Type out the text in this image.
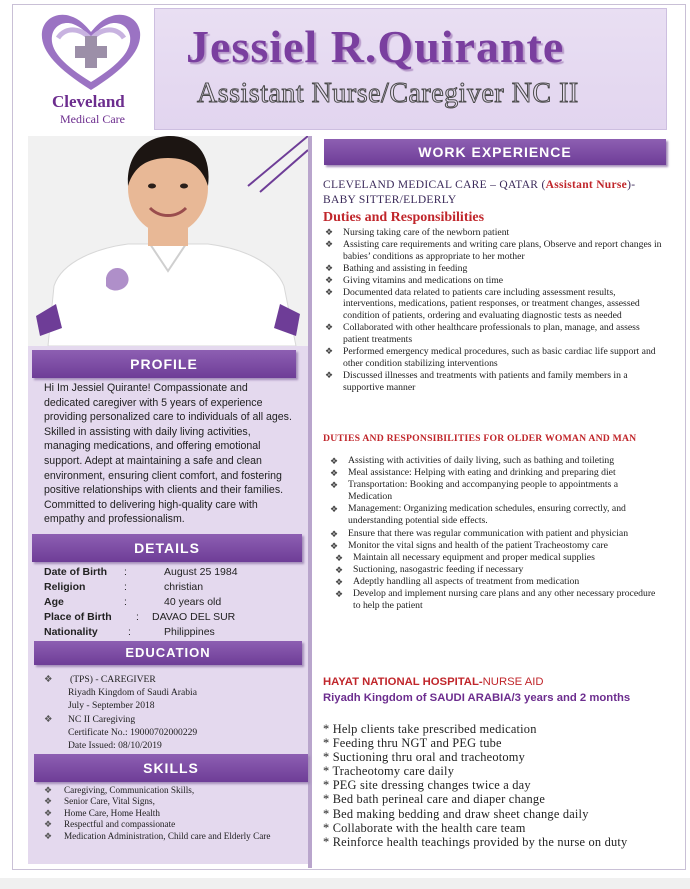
Cleveland
Medical Care
Jessiel R.Quirante
Assistant Nurse/Caregiver NC II
PROFILE
Hi Im Jessiel Quirante! Compassionate and dedicated caregiver with 5 years of experience providing personalized care to individuals of all ages. Skilled in assisting with daily living activities, managing medications, and offering emotional support. Adept at maintaining a safe and clean environment, ensuring client comfort, and fostering positive relationships with clients and their families. Committed to delivering high-quality care with empathy and professionalism.
DETAILS
Date of Birth :	August 25 1984
Religion	:	christian
Age	:	40 years old
Place of Birth : DAVAO DEL SUR
Nationality	:	Philippines
EDUCATION
❖ (TPS) - CAREGIVER
Riyadh Kingdom of Saudi Arabia
July - September 2018
❖ NC II Caregiving
Certificate No.: 19000702000229
Date Issued: 08/10/2019
SKILLS
❖ Caregiving, Communication Skills,
❖ Senior Care, Vital Signs,
❖ Home Care, Home Health
❖ Respectful and compassionate
❖ Medication Administration, Child care and Elderly Care
WORK EXPERIENCE
CLEVELAND MEDICAL CARE – QATAR (Assistant Nurse)- BABY SITTER/ELDERLY
Duties and Responsibilities
❖ Nursing taking care of the newborn patient
❖ Assisting care requirements and writing care plans, Observe and report changes in babies’ conditions as appropriate to her mother
❖ Bathing and assisting in feeding
❖ Giving vitamins and medications on time
❖ Documented data related to patients care including assessment results, interventions, medications, patient responses, or treatment changes, assessed condition of patients, ordering and evaluating diagnostic tests as needed
❖ Collaborated with other healthcare professionals to plan, manage, and assess patient treatments
❖ Performed emergency medical procedures, such as basic cardiac life support and other condition stabilizing interventions
❖ Discussed illnesses and treatments with patients and family members in a supportive manner
DUTIES AND RESPONSIBILITIES FOR OLDER WOMAN AND MAN
❖ Assisting with activities of daily living, such as bathing and toileting
❖ Meal assistance: Helping with eating and drinking and preparing diet
❖ Transportation: Booking and accompanying people to appointments a Medication
❖ Management: Organizing medication schedules, ensuring correctly, and understanding potential side effects.
❖ Ensure that there was regular communication with patient and physician
❖ Monitor the vital signs and health of the patient Tracheostomy care
❖ Maintain all necessary equipment and proper medical supplies
❖ Suctioning, nasogastric feeding if necessary
❖ Adeptly handling all aspects of treatment from medication
❖ Develop and implement nursing care plans and any other necessary procedure to help the patient
HAYAT NATIONAL HOSPITAL-NURSE AID
Riyadh Kingdom of SAUDI ARABIA/3 years and 2 months
* Help clients take prescribed medication
* Feeding thru NGT and PEG tube
* Suctioning thru oral and tracheotomy
* Tracheotomy care daily
* PEG site dressing changes twice a day
* Bed bath perineal care and diaper change
* Bed making bedding and draw sheet change daily
* Collaborate with the health care team
* Reinforce health teachings provided by the nurse on duty
